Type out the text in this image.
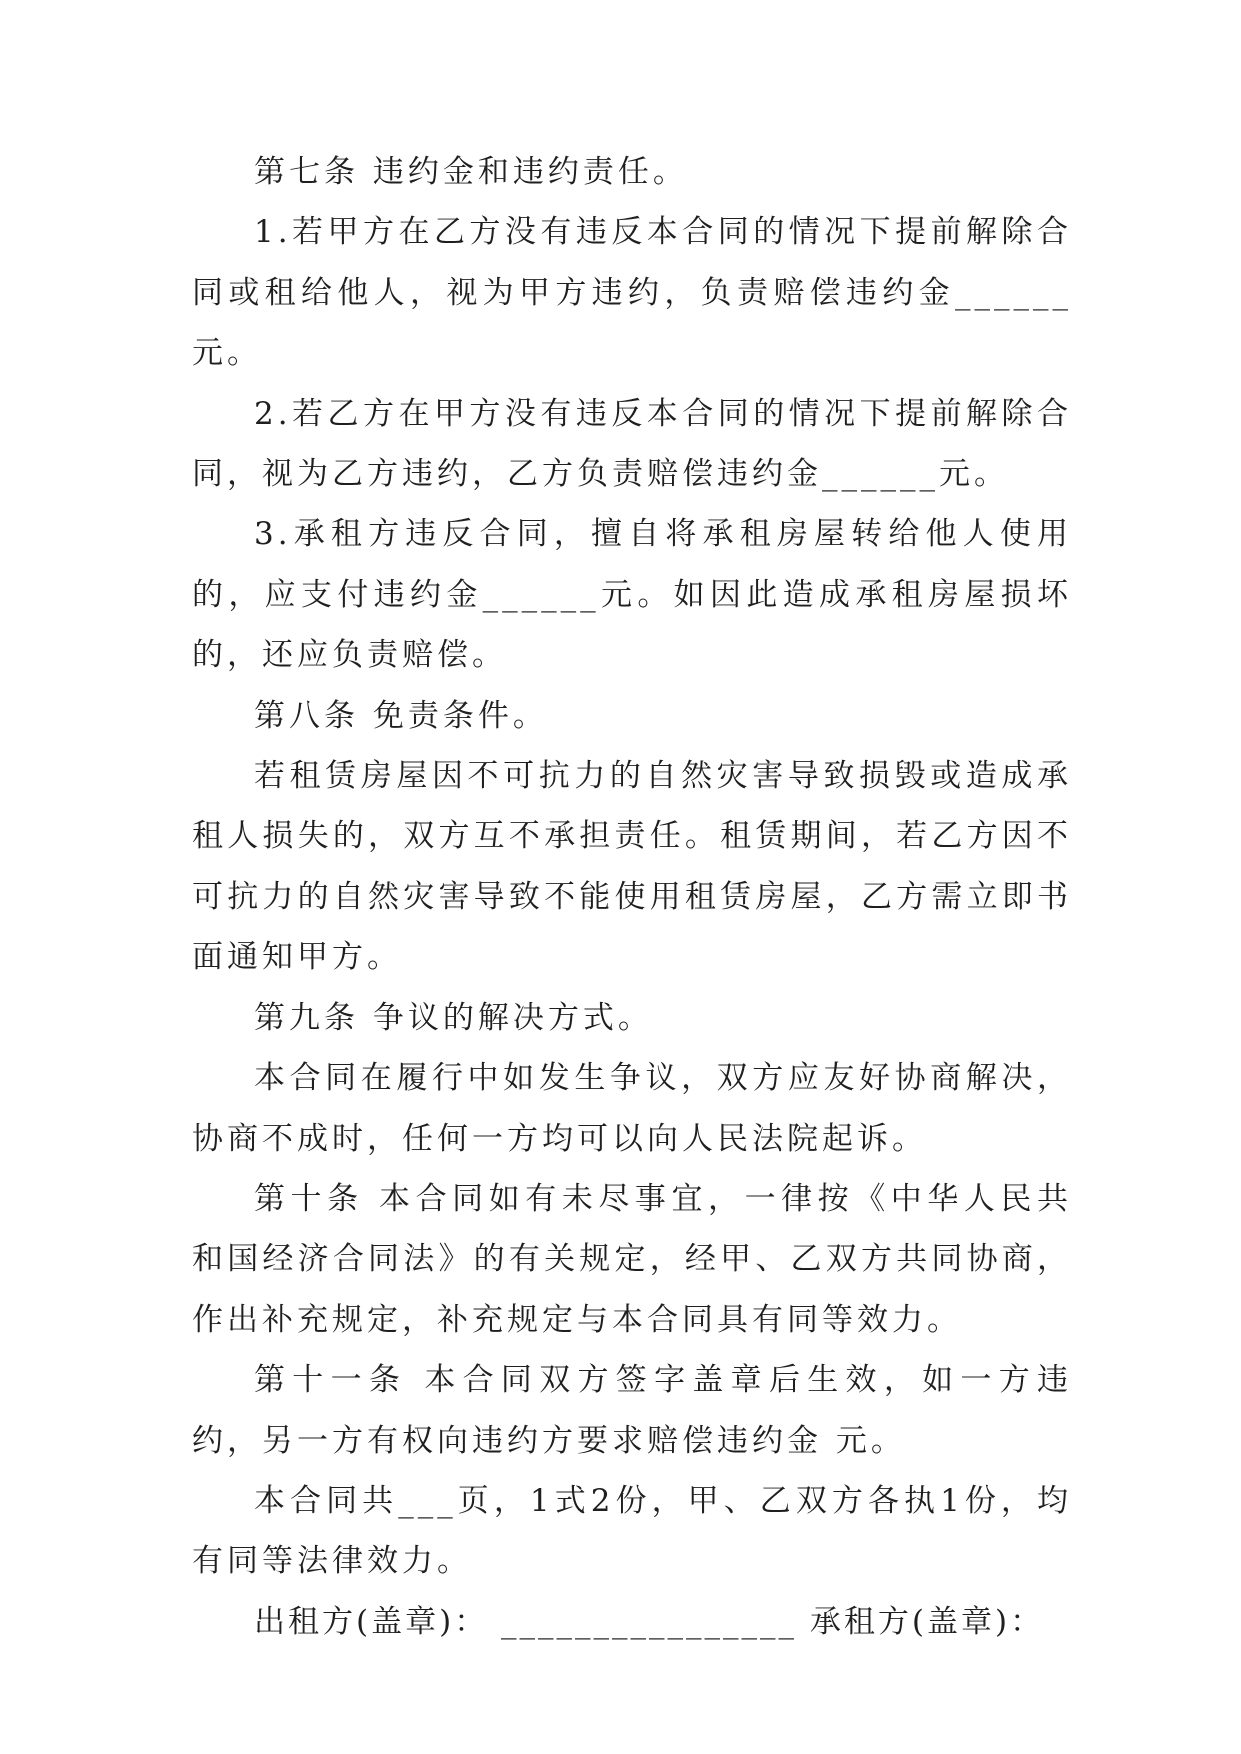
第七条 违约金和违约责任。

1.若甲方在乙方没有违反本合同的情况下提前解除合同或租给他人，视为甲方违约，负责赔偿违约金______元。

2.若乙方在甲方没有违反本合同的情况下提前解除合同，视为乙方违约，乙方负责赔偿违约金______元。

3.承租方违反合同，擅自将承租房屋转给他人使用的，应支付违约金______元。如因此造成承租房屋损坏的，还应负责赔偿。

第八条 免责条件。

若租赁房屋因不可抗力的自然灾害导致损毁或造成承租人损失的，双方互不承担责任。租赁期间，若乙方因不可抗力的自然灾害导致不能使用租赁房屋，乙方需立即书面通知甲方。

第九条 争议的解决方式。

本合同在履行中如发生争议，双方应友好协商解决，协商不成时，任何一方均可以向人民法院起诉。

第十条 本合同如有未尽事宜，一律按《中华人民共和国经济合同法》的有关规定，经甲、乙双方共同协商，作出补充规定，补充规定与本合同具有同等效力。

第十一条 本合同双方签字盖章后生效，如一方违约，另一方有权向违约方要求赔偿违约金 元。

本合同共___页，1式2份，甲、乙双方各执1份，均有同等法律效力。

出租方(盖章)： ________________ 承租方(盖章)：
